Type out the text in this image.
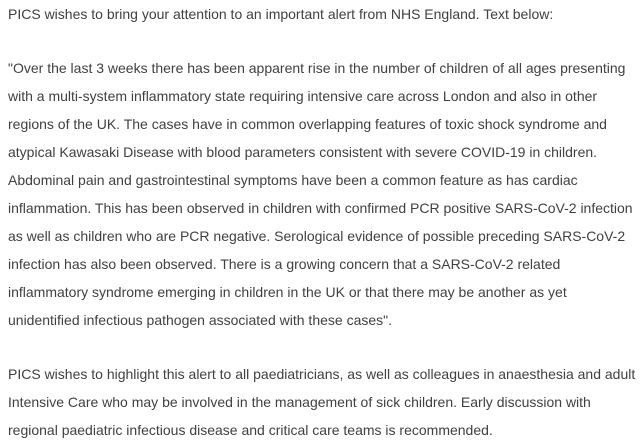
PICS wishes to bring your attention to an important alert from NHS England. Text below:

"Over the last 3 weeks there has been apparent rise in the number of children of all ages presenting with a multi-system inflammatory state requiring intensive care across London and also in other regions of the UK. The cases have in common overlapping features of toxic shock syndrome and atypical Kawasaki Disease with blood parameters consistent with severe COVID-19 in children. Abdominal pain and gastrointestinal symptoms have been a common feature as has cardiac inflammation. This has been observed in children with confirmed PCR positive SARS-CoV-2 infection as well as children who are PCR negative. Serological evidence of possible preceding SARS-CoV-2 infection has also been observed. There is a growing concern that a SARS-CoV-2 related inflammatory syndrome emerging in children in the UK or that there may be another as yet unidentified infectious pathogen associated with these cases".

PICS wishes to highlight this alert to all paediatricians, as well as colleagues in anaesthesia and adult Intensive Care who may be involved in the management of sick children. Early discussion with regional paediatric infectious disease and critical care teams is recommended.
